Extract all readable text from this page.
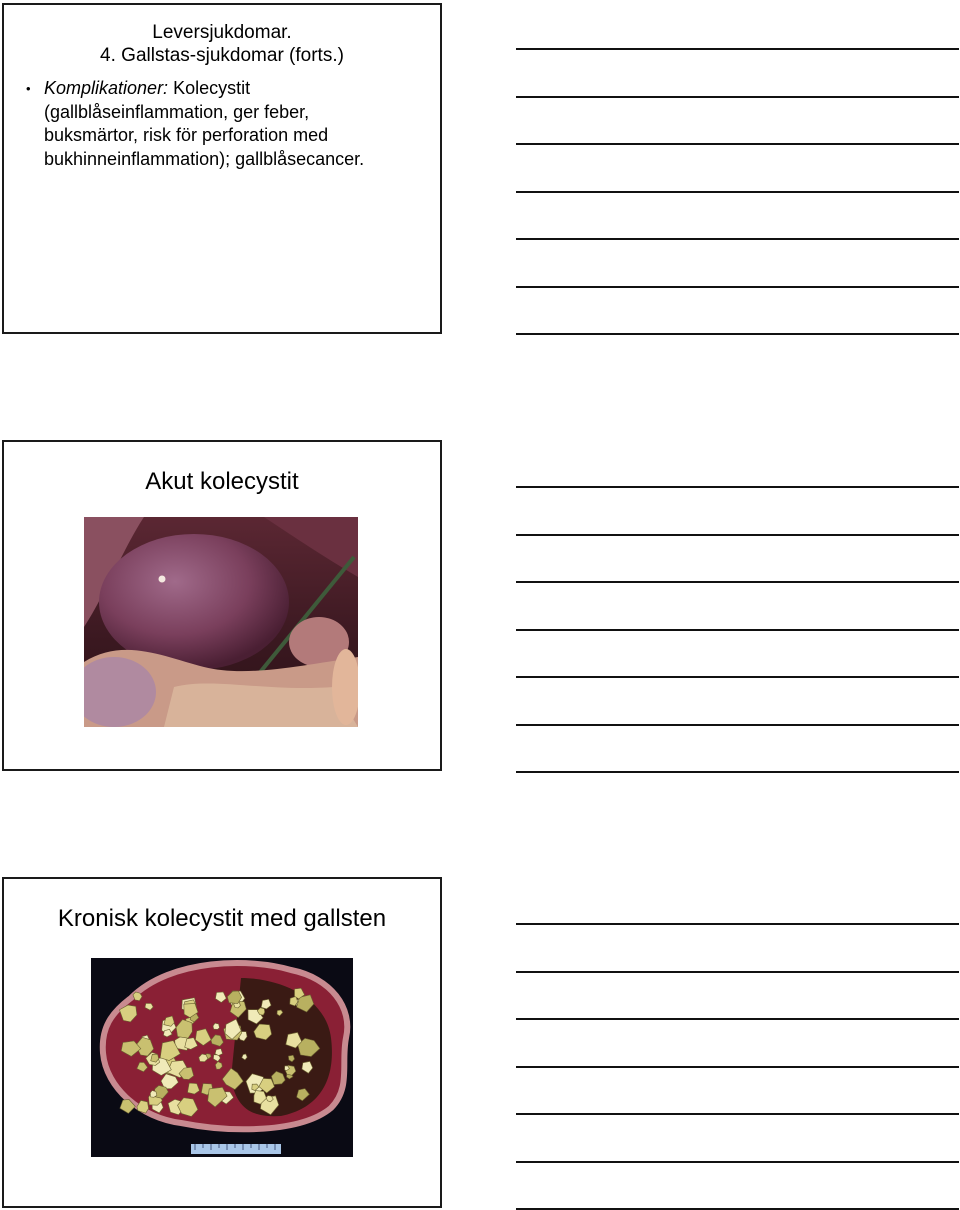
Leversjukdomar.
4. Gallstas-sjukdomar (forts.)
• Komplikationer: Kolecystit
(gallblåseinflammation, ger feber,
buksmärtor, risk för perforation med
bukhinneinflammation); gallblåsecancer.
Akut kolecystit
Kronisk kolecystit med gallsten
